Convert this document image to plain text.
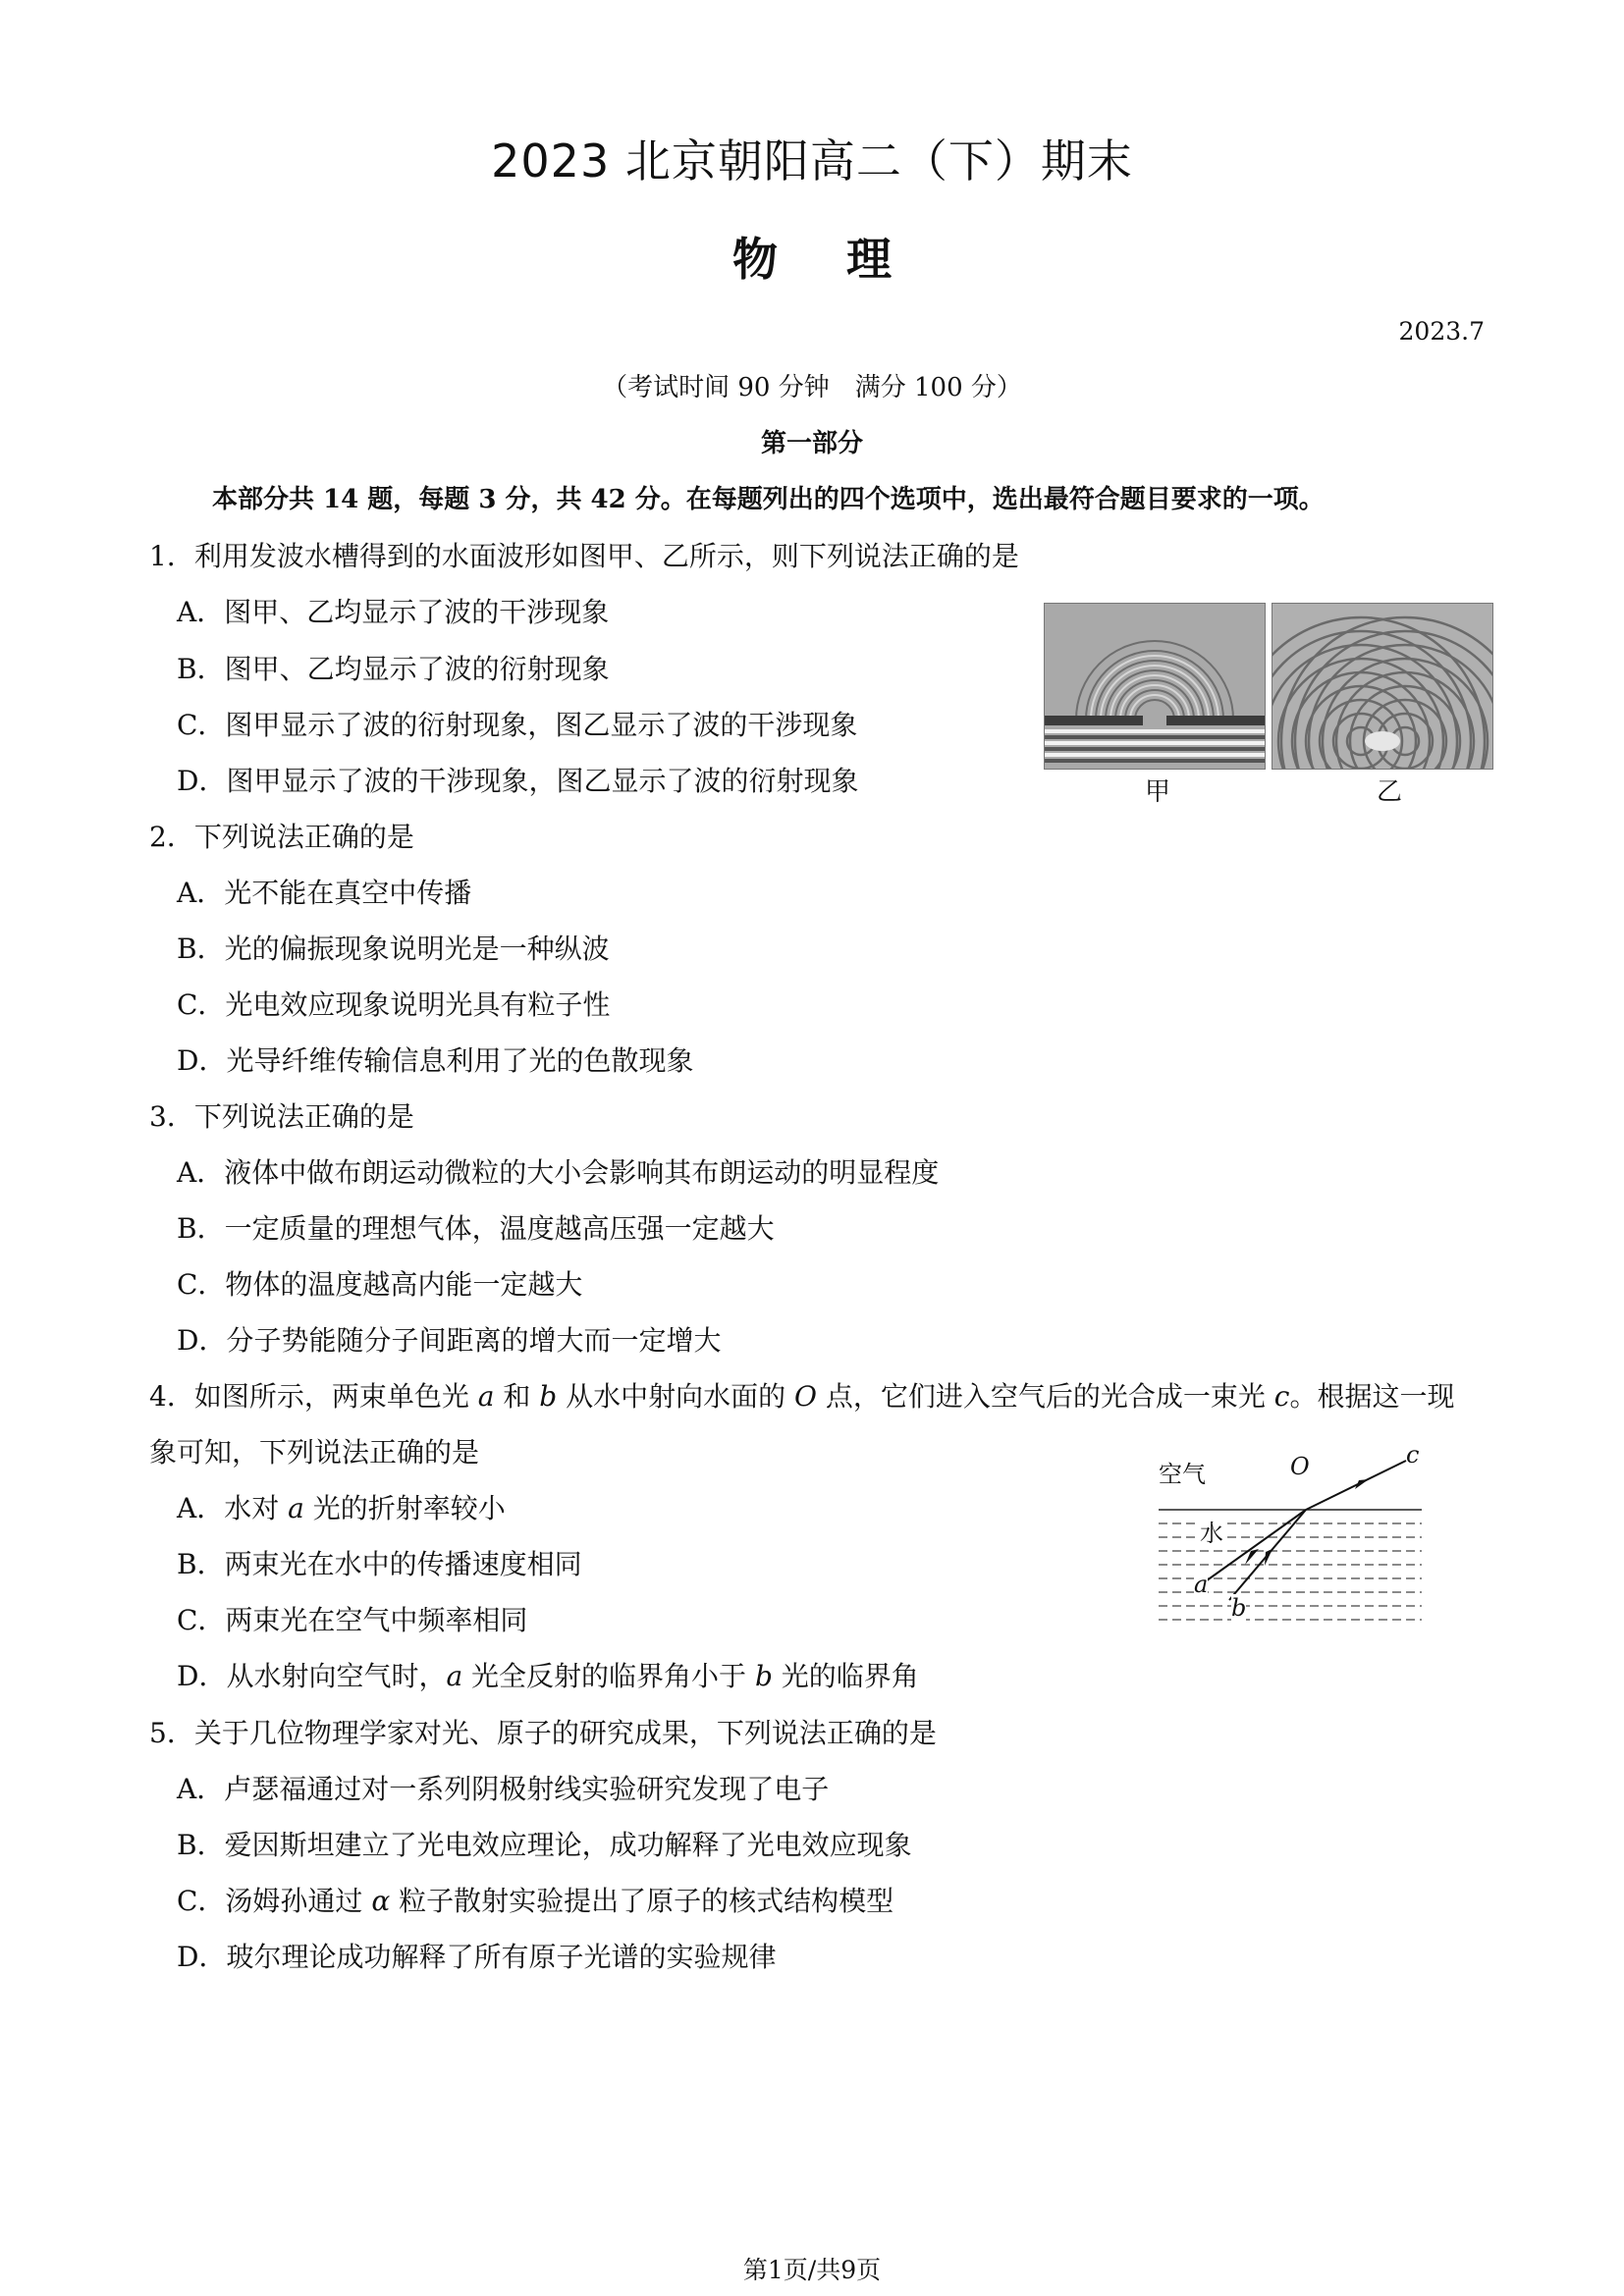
2023 北京朝阳高二（下）期末
物理
2023.7
（考试时间 90 分钟　满分 100 分）
第一部分
本部分共 14 题，每题 3 分，共 42 分。在每题列出的四个选项中，选出最符合题目要求的一项。
1．利用发波水槽得到的水面波形如图甲、乙所示，则下列说法正确的是
A．图甲、乙均显示了波的干涉现象
B．图甲、乙均显示了波的衍射现象
C．图甲显示了波的衍射现象，图乙显示了波的干涉现象
D．图甲显示了波的干涉现象，图乙显示了波的衍射现象	甲	乙
2．下列说法正确的是
A．光不能在真空中传播
B．光的偏振现象说明光是一种纵波
C．光电效应现象说明光具有粒子性
D．光导纤维传输信息利用了光的色散现象
3．下列说法正确的是
A．液体中做布朗运动微粒的大小会影响其布朗运动的明显程度
B．一定质量的理想气体，温度越高压强一定越大
C．物体的温度越高内能一定越大
D．分子势能随分子间距离的增大而一定增大
4．如图所示，两束单色光 a 和 b 从水中射向水面的 O 点，它们进入空气后的光合成一束光 c。根据这一现
象可知，下列说法正确的是
A．水对 a 光的折射率较小
B．两束光在水中的传播速度相同
C．两束光在空气中频率相同
D．从水射向空气时，a 光全反射的临界角小于 b 光的临界角
空气	O	c
水
a
b
5．关于几位物理学家对光、原子的研究成果，下列说法正确的是
A．卢瑟福通过对一系列阴极射线实验研究发现了电子
B．爱因斯坦建立了光电效应理论，成功解释了光电效应现象
C．汤姆孙通过 α 粒子散射实验提出了原子的核式结构模型
D．玻尔理论成功解释了所有原子光谱的实验规律
第1页/共9页
